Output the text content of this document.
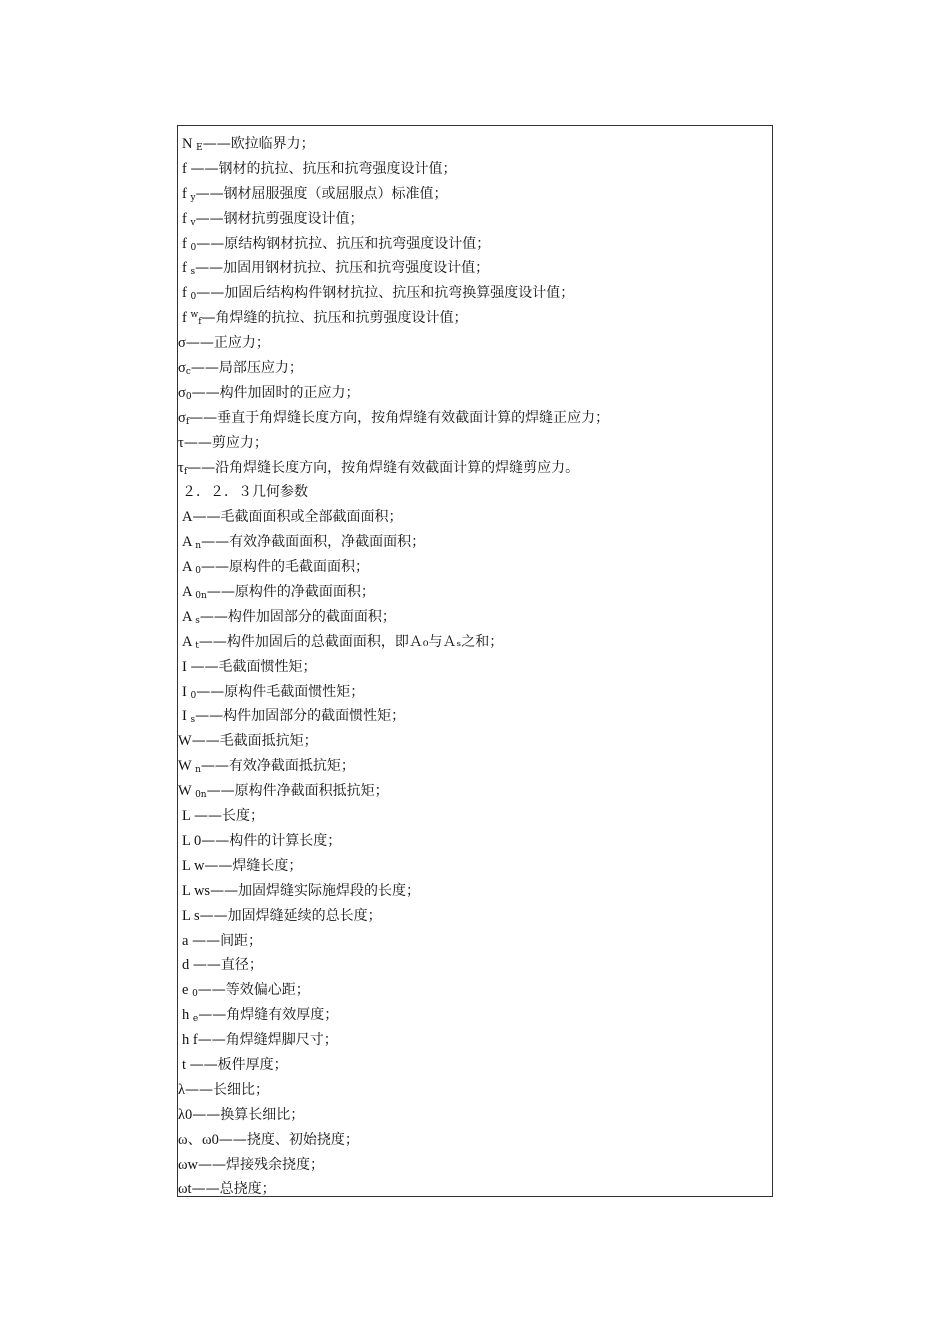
N $_E$——欧拉临界力；
f ——钢材的抗拉、抗压和抗弯强度设计值；
f $_y$——钢材屈服强度（或屈服点）标准值；
f $_v$——钢材抗剪强度设计值；
f $_0$——原结构钢材抗拉、抗压和抗弯强度设计值；
f $_s$——加固用钢材抗拉、抗压和抗弯强度设计值；
f $_0$——加固后结构构件钢材抗拉、抗压和抗弯换算强度设计值；
f $^w_f$—角焊缝的抗拉、抗压和抗剪强度设计值；
σ——正应力；
$\sigma_c——$局部压应力；
$\sigma_0——$构件加固时的正应力；
$\sigma_f——$垂直于角焊缝长度方向，按角焊缝有效截面计算的焊缝正应力；
τ——剪应力；
$\tau_f——$沿角焊缝长度方向，按角焊缝有效截面计算的焊缝剪应力。
２．２．３几何参数
A——毛截面面积或全部截面面积；
A $_n$——有效净截面面积，净截面面积；
A $_0$——原构件的毛截面面积；
A $_{0n}$——原构件的净截面面积；
A $_s$——构件加固部分的截面面积；
A $_t$——构件加固后的总截面面积，即Ａ₀与Ａₛ之和；
I ——毛截面惯性矩；
I $_0$——原构件毛截面惯性矩；
I $_s$——构件加固部分的截面惯性矩；
W——毛截面抵抗矩；
W $_n$——有效净截面抵抗矩；
W $_{0n}$——原构件净截面积抵抗矩；
L ——长度；
L 0——构件的计算长度；
L w——焊缝长度；
L ws——加固焊缝实际施焊段的长度；
L s——加固焊缝延续的总长度；
a ——间距；
d ——直径；
e $_0$——等效偏心距；
h $_e$——角焊缝有效厚度；
h f——角焊缝焊脚尺寸；
t ——板件厚度；
λ——长细比；
λ0——换算长细比；
ω、ω0——挠度、初始挠度；
ωw——焊接残余挠度；
ωt——总挠度；
